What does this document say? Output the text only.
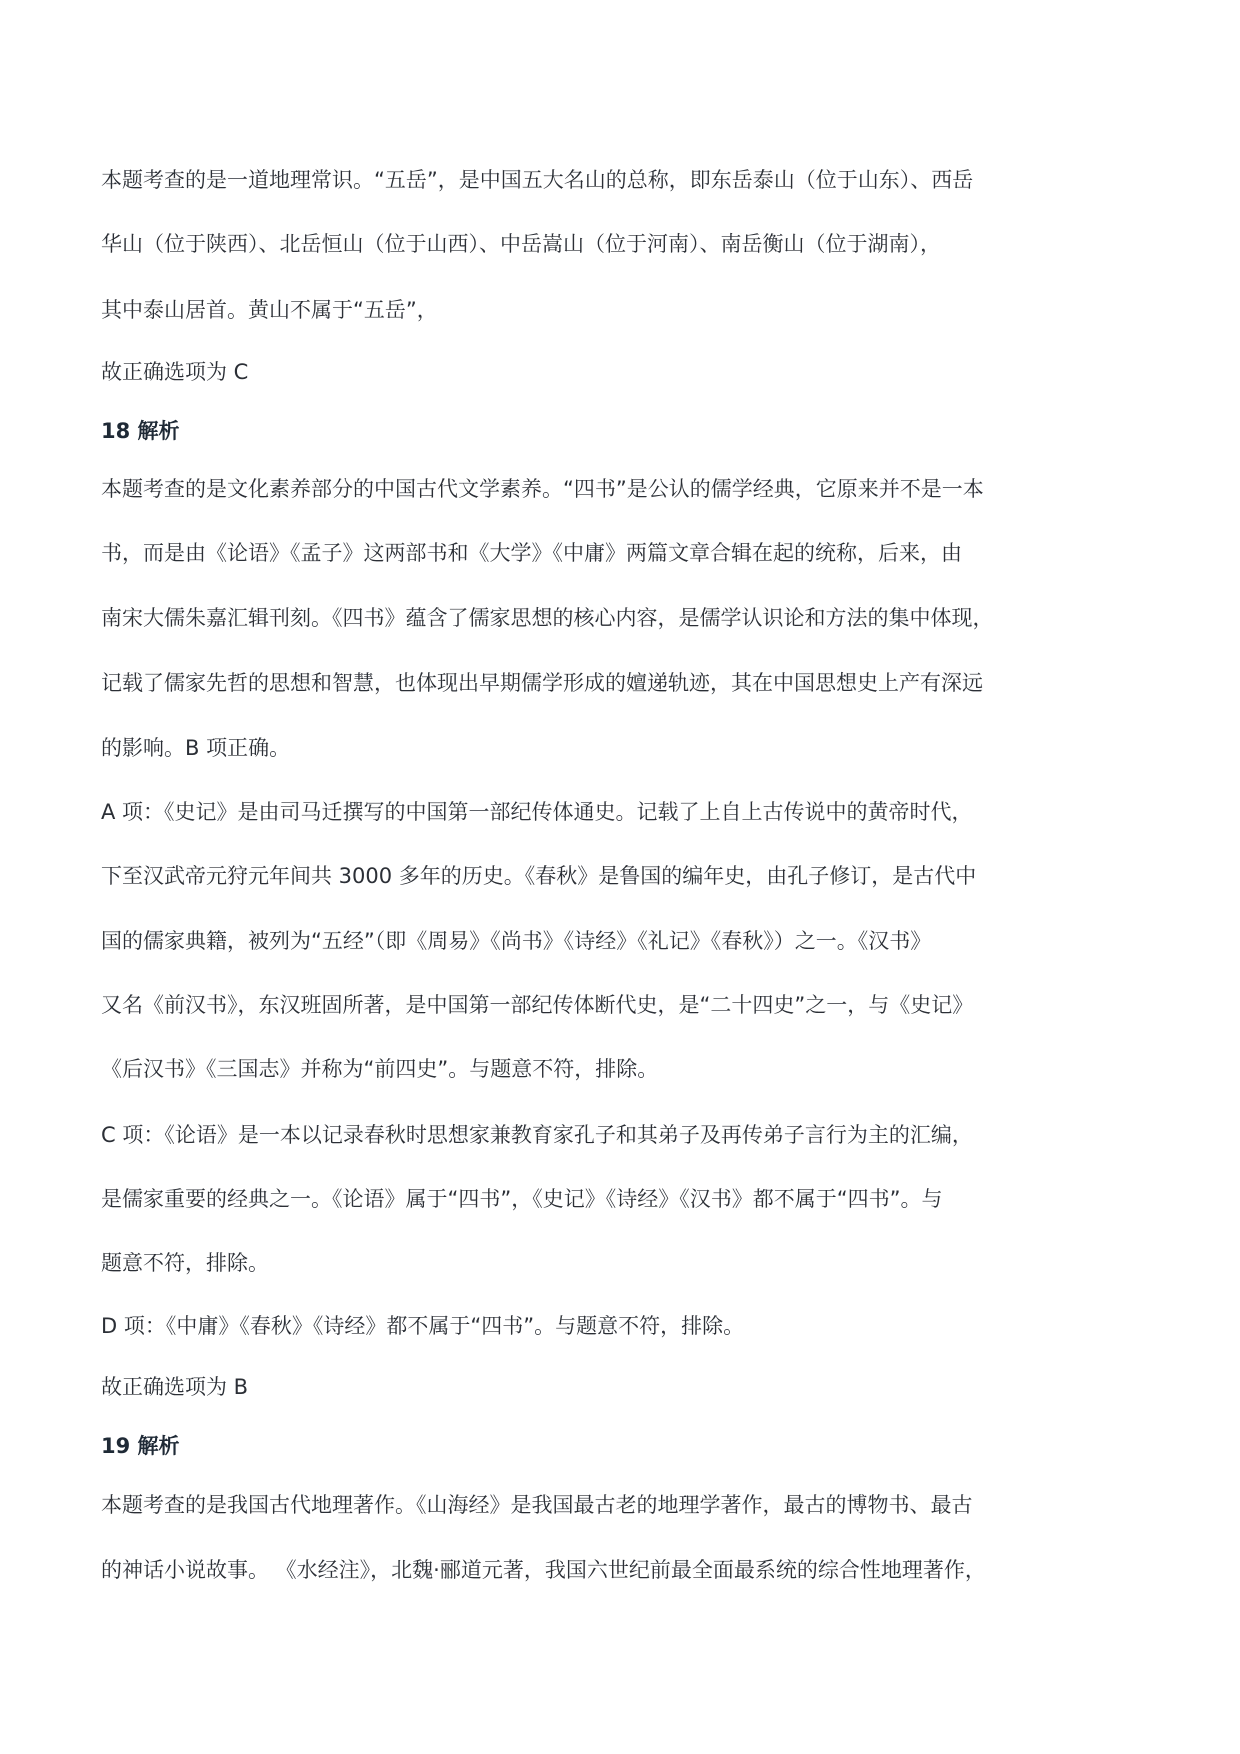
本题考查的是一道地理常识。“五岳”，是中国五大名山的总称，即东岳泰山（位于山东）、西岳
华山（位于陕西）、北岳恒山（位于山西）、中岳嵩山（位于河南）、南岳衡山（位于湖南），
其中泰山居首。黄山不属于“五岳”，
故正确选项为 C
18 解析
本题考查的是文化素养部分的中国古代文学素养。“四书”是公认的儒学经典，它原来并不是一本
书，而是由《论语》《孟子》这两部书和《大学》《中庸》两篇文章合辑在起的统称，后来，由
南宋大儒朱嘉汇辑刊刻。《四书》蕴含了儒家思想的核心内容，是儒学认识论和方法的集中体现，
记载了儒家先哲的思想和智慧，也体现出早期儒学形成的嬗递轨迹，其在中国思想史上产有深远
的影响。B 项正确。
A 项：《史记》是由司马迁撰写的中国第一部纪传体通史。记载了上自上古传说中的黄帝时代，
下至汉武帝元狩元年间共 3000 多年的历史。《春秋》是鲁国的编年史，由孔子修订，是古代中
国的儒家典籍，被列为“五经”（即《周易》《尚书》《诗经》《礼记》《春秋》）之一。《汉书》
又名《前汉书》，东汉班固所著，是中国第一部纪传体断代史，是“二十四史”之一，与《史记》
《后汉书》《三国志》并称为“前四史”。与题意不符，排除。
C 项：《论语》是一本以记录春秋时思想家兼教育家孔子和其弟子及再传弟子言行为主的汇编，
是儒家重要的经典之一。《论语》属于“四书”，《史记》《诗经》《汉书》都不属于“四书”。与
题意不符，排除。
D 项：《中庸》《春秋》《诗经》都不属于“四书”。与题意不符，排除。
故正确选项为 B
19 解析
本题考查的是我国古代地理著作。《山海经》是我国最古老的地理学著作，最古的博物书、最古
的神话小说故事。 《水经注》，北魏·郦道元著，我国六世纪前最全面最系统的综合性地理著作，
